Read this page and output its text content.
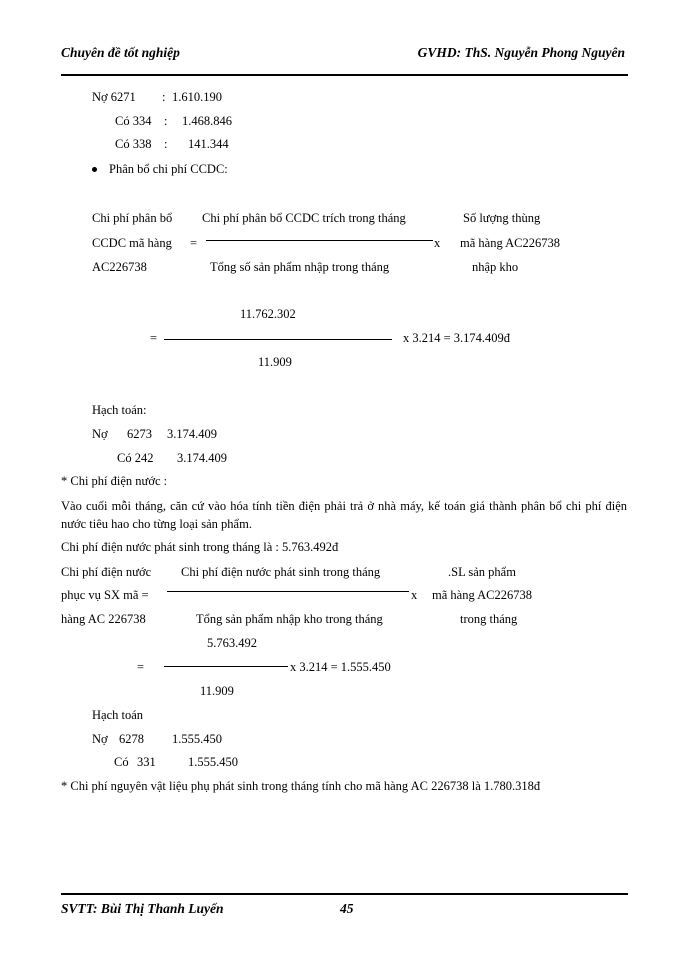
Chuyên đề tốt nghiệp	GVHD: ThS. Nguyễn Phong Nguyên
Nợ 6271 : 1.610.190
Có 334 : 1.468.846
Có 338 : 141.344
Phân bổ chi phí CCDC:
Chi phí phân bổ
CCDC mã hàng
AC226738
=
Chi phí phân bổ CCDC trích trong tháng
x
Tổng số sản phẩm nhập trong tháng
Số lượng thùng
mã hàng AC226738
nhập kho
11.762.302
=	x 3.214 = 3.174.409đ
11.909
Hạch toán:
Nợ 6273 3.174.409
Có 242 3.174.409
* Chi phí điện nước :
Vào cuối mỗi tháng, căn cứ vào hóa tính tiền điện phải trả ở nhà máy, kế toán giá thành phân bổ chi phí điện nước tiêu hao cho từng loại sản phẩm.
Chi phí điện nước phát sinh trong tháng là : 5.763.492đ
Chi phí điện nước
phục vụ SX mã =
hàng AC 226738
Chi phí điện nước phát sinh trong tháng
x
Tổng sản phẩm nhập kho trong tháng
.SL sản phẩm
mã hàng AC226738
trong tháng
5.763.492
=	x 3.214 = 1.555.450
11.909
Hạch toán
Nợ 6278 1.555.450
Có 331	1.555.450
* Chi phí nguyên vật liệu phụ phát sinh trong tháng tính cho mã hàng AC 226738 là 1.780.318đ
SVTT: Bùi Thị Thanh Luyến	45
